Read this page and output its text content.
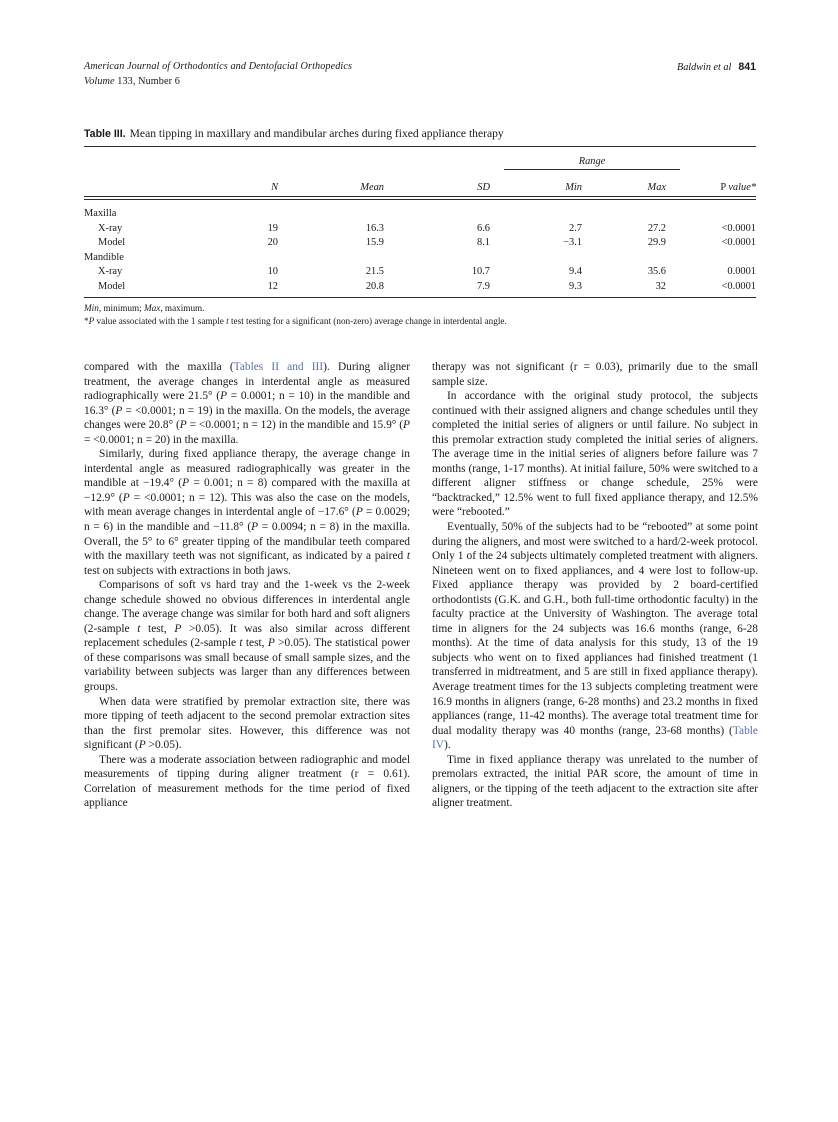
American Journal of Orthodontics and Dentofacial Orthopedics
Volume 133, Number 6
Baldwin et al 841
Table III. Mean tipping in maxillary and mandibular arches during fixed appliance therapy
				Range		
	N	Mean	SD	Min	Max	P value*

Maxilla						
X-ray	19	16.3	6.6	2.7	27.2	<0.0001
Model	20	15.9	8.1	−3.1	29.9	<0.0001
Mandible						
X-ray	10	21.5	10.7	9.4	35.6	0.0001
Model	12	20.8	7.9	9.3	32	<0.0001

Min, minimum; Max, maximum.
*P value associated with the 1 sample t test testing for a significant (non-zero) average change in interdental angle.

compared with the maxilla (Tables II and III). During aligner treatment, the average changes in interdental angle as measured radiographically were 21.5° (P = 0.0001; n = 10) in the mandible and 16.3° (P = <0.0001; n = 19) in the maxilla. On the models, the average changes were 20.8° (P = <0.0001; n = 12) in the mandible and 15.9° (P = <0.0001; n = 20) in the maxilla.

Similarly, during fixed appliance therapy, the average change in interdental angle as measured radiographically was greater in the mandible at −19.4° (P = 0.001; n = 8) compared with the maxilla at −12.9° (P = <0.0001; n = 12). This was also the case on the models, with mean average changes in interdental angle of −17.6° (P = 0.0029; n = 6) in the mandible and −11.8° (P = 0.0094; n = 8) in the maxilla. Overall, the 5° to 6° greater tipping of the mandibular teeth compared with the maxillary teeth was not significant, as indicated by a paired t test on subjects with extractions in both jaws.

Comparisons of soft vs hard tray and the 1-week vs the 2-week change schedule showed no obvious differences in interdental angle change. The average change was similar for both hard and soft aligners (2-sample t test, P >0.05). It was also similar across different replacement schedules (2-sample t test, P >0.05). The statistical power of these comparisons was small because of small sample sizes, and the variability between subjects was larger than any differences between groups.

When data were stratified by premolar extraction site, there was more tipping of teeth adjacent to the second premolar extraction sites than the first premolar sites. However, this difference was not significant (P >0.05).

There was a moderate association between radiographic and model measurements of tipping during aligner treatment (r = 0.61). Correlation of measurement methods for the time period of fixed appliance

therapy was not significant (r = 0.03), primarily due to the small sample size.

In accordance with the original study protocol, the subjects continued with their assigned aligners and change schedules until they completed the initial series of aligners or until failure. No subject in this premolar extraction study completed the initial series of aligners. The average time in the initial series of aligners before failure was 7 months (range, 1-17 months). At initial failure, 50% were switched to a different aligner stiffness or change schedule, 25% were “backtracked,” 12.5% went to full fixed appliance therapy, and 12.5% were “rebooted.”

Eventually, 50% of the subjects had to be “rebooted” at some point during the aligners, and most were switched to a hard/2-week protocol. Only 1 of the 24 subjects ultimately completed treatment with aligners. Nineteen went on to fixed appliances, and 4 were lost to follow-up. Fixed appliance therapy was provided by 2 board-certified orthodontists (G.K. and G.H., both full-time orthodontic faculty) in the faculty practice at the University of Washington. The average total time in aligners for the 24 subjects was 16.6 months (range, 6-28 months). At the time of data analysis for this study, 13 of the 19 subjects who went on to fixed appliances had finished treatment (1 transferred in midtreatment, and 5 are still in fixed appliance therapy). Average treatment times for the 13 subjects completing treatment were 16.9 months in aligners (range, 6-28 months) and 23.2 months in fixed appliances (range, 11-42 months). The average total treatment time for dual modality therapy was 40 months (range, 23-68 months) (Table IV).

Time in fixed appliance therapy was unrelated to the number of premolars extracted, the initial PAR score, the amount of time in aligners, or the tipping of the teeth adjacent to the extraction site after aligner treatment.
